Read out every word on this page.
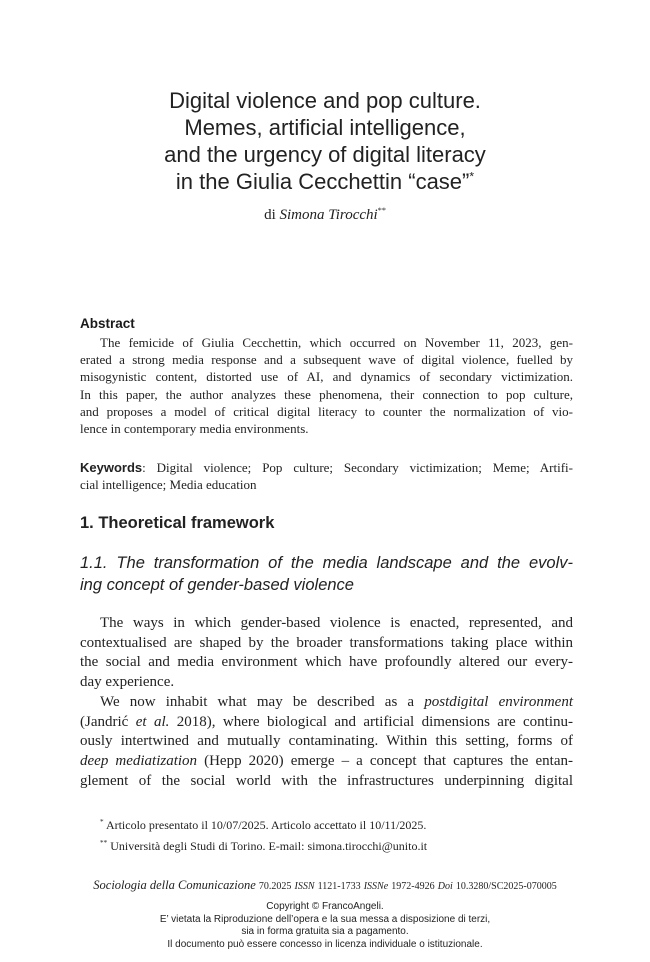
Digital violence and pop culture.
Memes, artificial intelligence,
and the urgency of digital literacy
in the Giulia Cecchettin “case”*
di Simona Tirocchi**
Abstract
The femicide of Giulia Cecchettin, which occurred on November 11, 2023, gen-
erated a strong media response and a subsequent wave of digital violence, fuelled by
misogynistic content, distorted use of AI, and dynamics of secondary victimization.
In this paper, the author analyzes these phenomena, their connection to pop culture,
and proposes a model of critical digital literacy to counter the normalization of vio-
lence in contemporary media environments.
Keywords: Digital violence; Pop culture; Secondary victimization; Meme; Artifi-
cial intelligence; Media education
1. Theoretical framework
1.1. The transformation of the media landscape and the evolv-
ing concept of gender-based violence
The ways in which gender-based violence is enacted, represented, and
contextualised are shaped by the broader transformations taking place within
the social and media environment which have profoundly altered our every-
day experience.
We now inhabit what may be described as a postdigital environment
(Jandrić et al. 2018), where biological and artificial dimensions are continu-
ously intertwined and mutually contaminating. Within this setting, forms of
deep mediatization (Hepp 2020) emerge – a concept that captures the entan-
glement of the social world with the infrastructures underpinning digital
* Articolo presentato il 10/07/2025. Articolo accettato il 10/11/2025.
** Università degli Studi di Torino. E-mail: simona.tirocchi@unito.it
Sociologia della Comunicazione 70.2025 ISSN 1121-1733 ISSNe 1972-4926 Doi 10.3280/SC2025-070005
Copyright © FrancoAngeli.
E’ vietata la Riproduzione dell’opera e la sua messa a disposizione di terzi,
sia in forma gratuita sia a pagamento.
Il documento può essere concesso in licenza individuale o istituzionale.
